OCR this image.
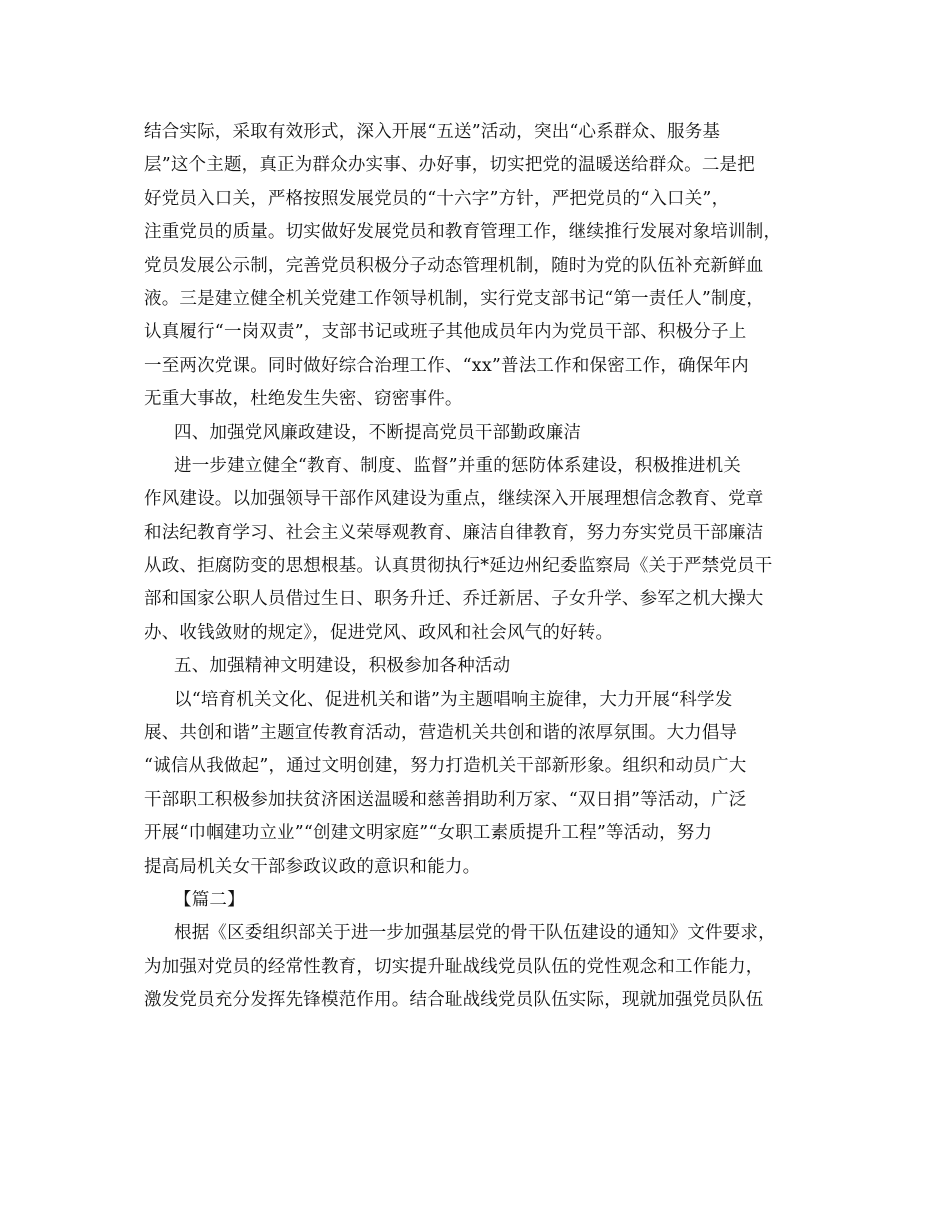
结合实际，采取有效形式，深入开展“五送”活动，突出“心系群众、服务基
层”这个主题，真正为群众办实事、办好事，切实把党的温暖送给群众。二是把
好党员入口关，严格按照发展党员的“十六字”方针，严把党员的“入口关”，
注重党员的质量。切实做好发展党员和教育管理工作，继续推行发展对象培训制，
党员发展公示制，完善党员积极分子动态管理机制，随时为党的队伍补充新鲜血
液。三是建立健全机关党建工作领导机制，实行党支部书记“第一责任人”制度，
认真履行“一岗双责”，支部书记或班子其他成员年内为党员干部、积极分子上
一至两次党课。同时做好综合治理工作、“xx”普法工作和保密工作，确保年内
无重大事故，杜绝发生失密、窃密事件。
四、加强党风廉政建设，不断提高党员干部勤政廉洁
进一步建立健全“教育、制度、监督”并重的惩防体系建设，积极推进机关
作风建设。以加强领导干部作风建设为重点，继续深入开展理想信念教育、党章
和法纪教育学习、社会主义荣辱观教育、廉洁自律教育，努力夯实党员干部廉洁
从政、拒腐防变的思想根基。认真贯彻执行*延边州纪委监察局《关于严禁党员干
部和国家公职人员借过生日、职务升迁、乔迁新居、子女升学、参军之机大操大
办、收钱敛财的规定》，促进党风、政风和社会风气的好转。
五、加强精神文明建设，积极参加各种活动
以“培育机关文化、促进机关和谐”为主题唱响主旋律，大力开展“科学发
展、共创和谐”主题宣传教育活动，营造机关共创和谐的浓厚氛围。大力倡导
“诚信从我做起”，通过文明创建，努力打造机关干部新形象。组织和动员广大
干部职工积极参加扶贫济困送温暖和慈善捐助利万家、“双日捐”等活动，广泛
开展“巾帼建功立业”“创建文明家庭”“女职工素质提升工程”等活动，努力
提高局机关女干部参政议政的意识和能力。
【篇二】
根据《区委组织部关于进一步加强基层党的骨干队伍建设的通知》文件要求，
为加强对党员的经常性教育，切实提升耻战线党员队伍的党性观念和工作能力，
激发党员充分发挥先锋模范作用。结合耻战线党员队伍实际，现就加强党员队伍
